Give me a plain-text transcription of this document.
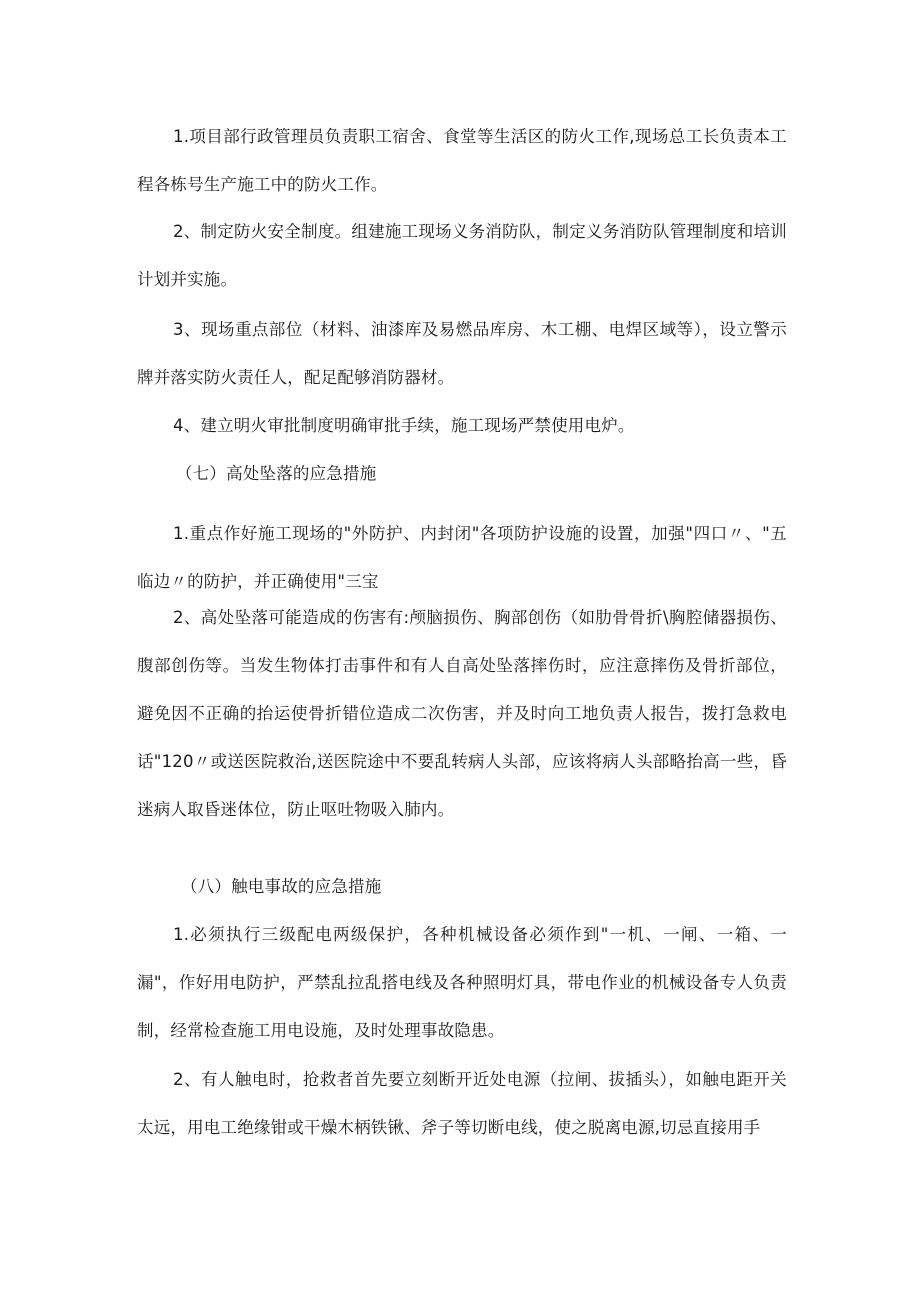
1.项目部行政管理员负责职工宿舍、食堂等生活区的防火工作,现场总工长负责本工程各栋号生产施工中的防火工作。

2、制定防火安全制度。组建施工现场义务消防队，制定义务消防队管理制度和培训计划并实施。

3、现场重点部位（材料、油漆库及易燃品库房、木工棚、电焊区域等），设立警示牌并落实防火责任人，配足配够消防器材。

4、建立明火审批制度明确审批手续，施工现场严禁使用电炉。

（七）高处坠落的应急措施

1.重点作好施工现场的"外防护、内封闭"各项防护设施的设置，加强"四口〃、"五临边〃的防护，并正确使用"三宝

2、高处坠落可能造成的伤害有:颅脑损伤、胸部创伤（如肋骨骨折\胸腔储器损伤、腹部创伤等。当发生物体打击事件和有人自高处坠落摔伤时，应注意摔伤及骨折部位，避免因不正确的抬运使骨折错位造成二次伤害，并及时向工地负责人报告，拨打急救电话"120〃或送医院救治,送医院途中不要乱转病人头部，应该将病人头部略抬高一些，昏迷病人取昏迷体位，防止呕吐物吸入肺内。

（八）触电事故的应急措施

1.必须执行三级配电两级保护，各种机械设备必须作到"一机、一闸、一箱、一漏"，作好用电防护，严禁乱拉乱搭电线及各种照明灯具，带电作业的机械设备专人负责制，经常检查施工用电设施，及时处理事故隐患。

2、有人触电时，抢救者首先要立刻断开近处电源（拉闸、拔插头），如触电距开关太远，用电工绝缘钳或干燥木柄铁锹、斧子等切断电线，使之脱离电源,切忌直接用手
